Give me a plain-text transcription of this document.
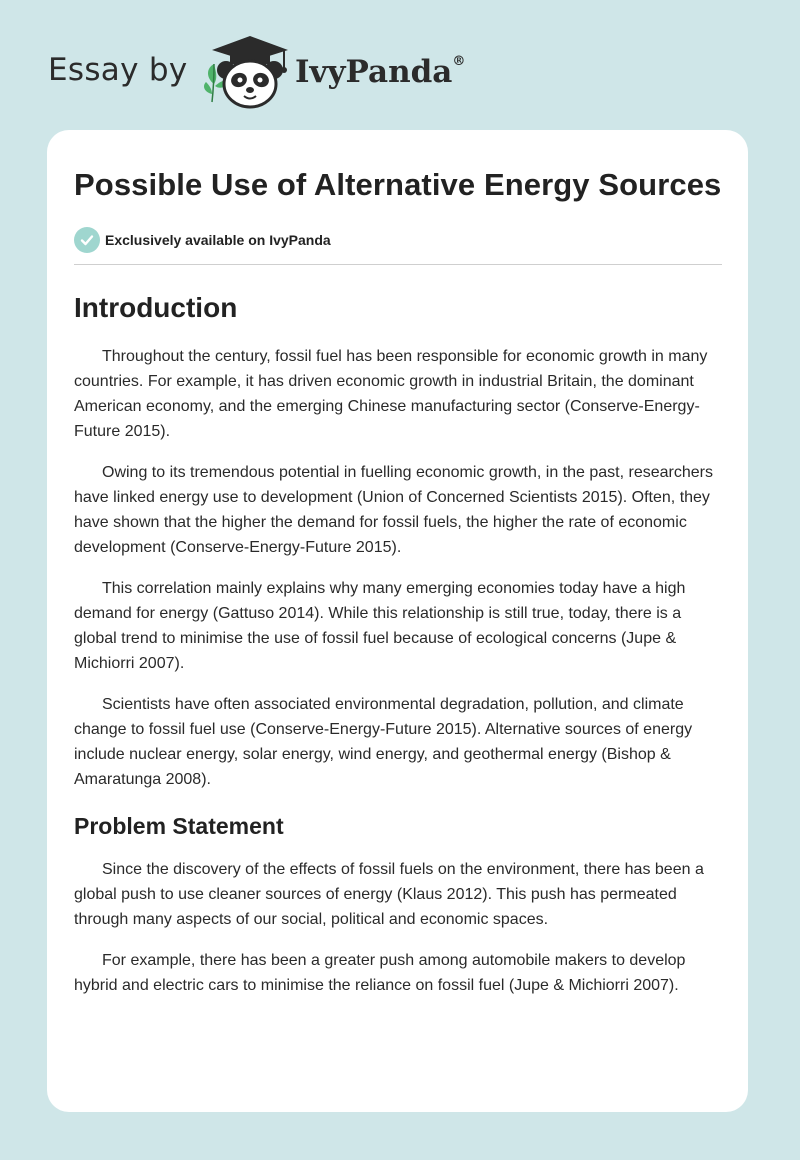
Essay by	IvyPanda®
Possible Use of Alternative Energy Sources
Exclusively available on IvyPanda
Introduction

Throughout the century, fossil fuel has been responsible for economic growth in many countries. For example, it has driven economic growth in industrial Britain, the dominant American economy, and the emerging Chinese manufacturing sector (Conserve-Energy-Future 2015).

Owing to its tremendous potential in fuelling economic growth, in the past, researchers have linked energy use to development (Union of Concerned Scientists 2015). Often, they have shown that the higher the demand for fossil fuels, the higher the rate of economic development (Conserve-Energy-Future 2015).

This correlation mainly explains why many emerging economies today have a high demand for energy (Gattuso 2014). While this relationship is still true, today, there is a global trend to minimise the use of fossil fuel because of ecological concerns (Jupe & Michiorri 2007).

Scientists have often associated environmental degradation, pollution, and climate change to fossil fuel use (Conserve-Energy-Future 2015). Alternative sources of energy include nuclear energy, solar energy, wind energy, and geothermal energy (Bishop & Amaratunga 2008).

Problem Statement

Since the discovery of the effects of fossil fuels on the environment, there has been a global push to use cleaner sources of energy (Klaus 2012). This push has permeated through many aspects of our social, political and economic spaces.

For example, there has been a greater push among automobile makers to develop hybrid and electric cars to minimise the reliance on fossil fuel (Jupe & Michiorri 2007).
